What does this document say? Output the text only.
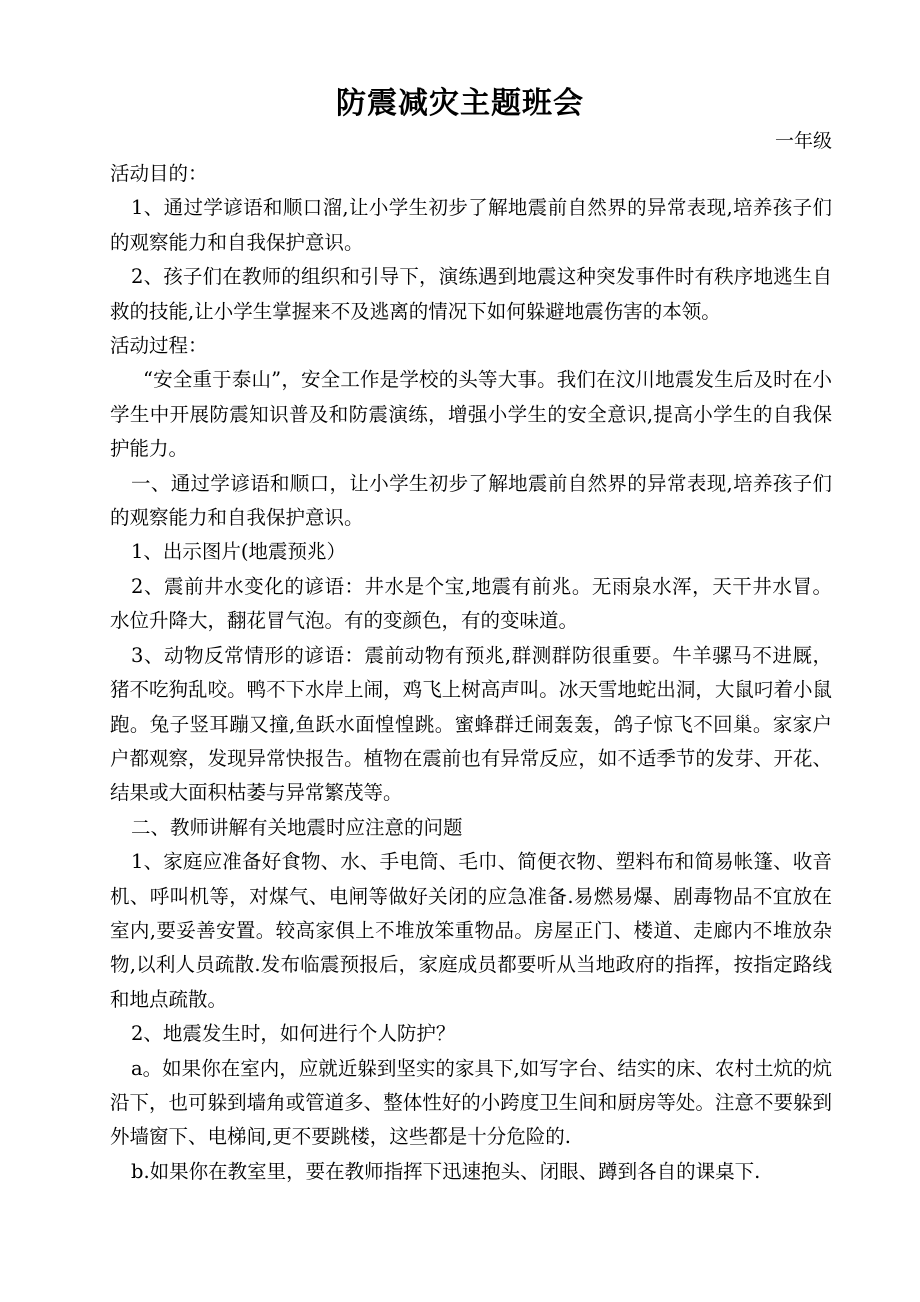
防震减灾主题班会
一年级

活动目的：

1、通过学谚语和顺口溜,让小学生初步了解地震前自然界的异常表现,培养孩子们的观察能力和自我保护意识。

2、孩子们在教师的组织和引导下，演练遇到地震这种突发事件时有秩序地逃生自救的技能,让小学生掌握来不及逃离的情况下如何躲避地震伤害的本领。

活动过程：

“安全重于泰山”，安全工作是学校的头等大事。我们在汶川地震发生后及时在小学生中开展防震知识普及和防震演练，增强小学生的安全意识,提高小学生的自我保护能力。

一、通过学谚语和顺口，让小学生初步了解地震前自然界的异常表现,培养孩子们的观察能力和自我保护意识。

1、出示图片(地震预兆）

2、震前井水变化的谚语：井水是个宝,地震有前兆。无雨泉水浑，天干井水冒。水位升降大，翻花冒气泡。有的变颜色，有的变味道。

3、动物反常情形的谚语：震前动物有预兆,群测群防很重要。牛羊骡马不进厩，猪不吃狗乱咬。鸭不下水岸上闹，鸡飞上树高声叫。冰天雪地蛇出洞，大鼠叼着小鼠跑。兔子竖耳蹦又撞,鱼跃水面惶惶跳。蜜蜂群迁闹轰轰，鸽子惊飞不回巢。家家户户都观察，发现异常快报告。植物在震前也有异常反应，如不适季节的发芽、开花、结果或大面积枯萎与异常繁茂等。

二、教师讲解有关地震时应注意的问题

1、家庭应准备好食物、水、手电筒、毛巾、简便衣物、塑料布和简易帐篷、收音机、呼叫机等，对煤气、电闸等做好关闭的应急准备.易燃易爆、剧毒物品不宜放在室内,要妥善安置。较高家俱上不堆放笨重物品。房屋正门、楼道、走廊内不堆放杂物,以利人员疏散.发布临震预报后，家庭成员都要听从当地政府的指挥，按指定路线和地点疏散。

2、地震发生时，如何进行个人防护？

a。如果你在室内，应就近躲到坚实的家具下,如写字台、结实的床、农村土炕的炕沿下，也可躲到墙角或管道多、整体性好的小跨度卫生间和厨房等处。注意不要躲到外墙窗下、电梯间,更不要跳楼，这些都是十分危险的.

b.如果你在教室里，要在教师指挥下迅速抱头、闭眼、蹲到各自的课桌下.
